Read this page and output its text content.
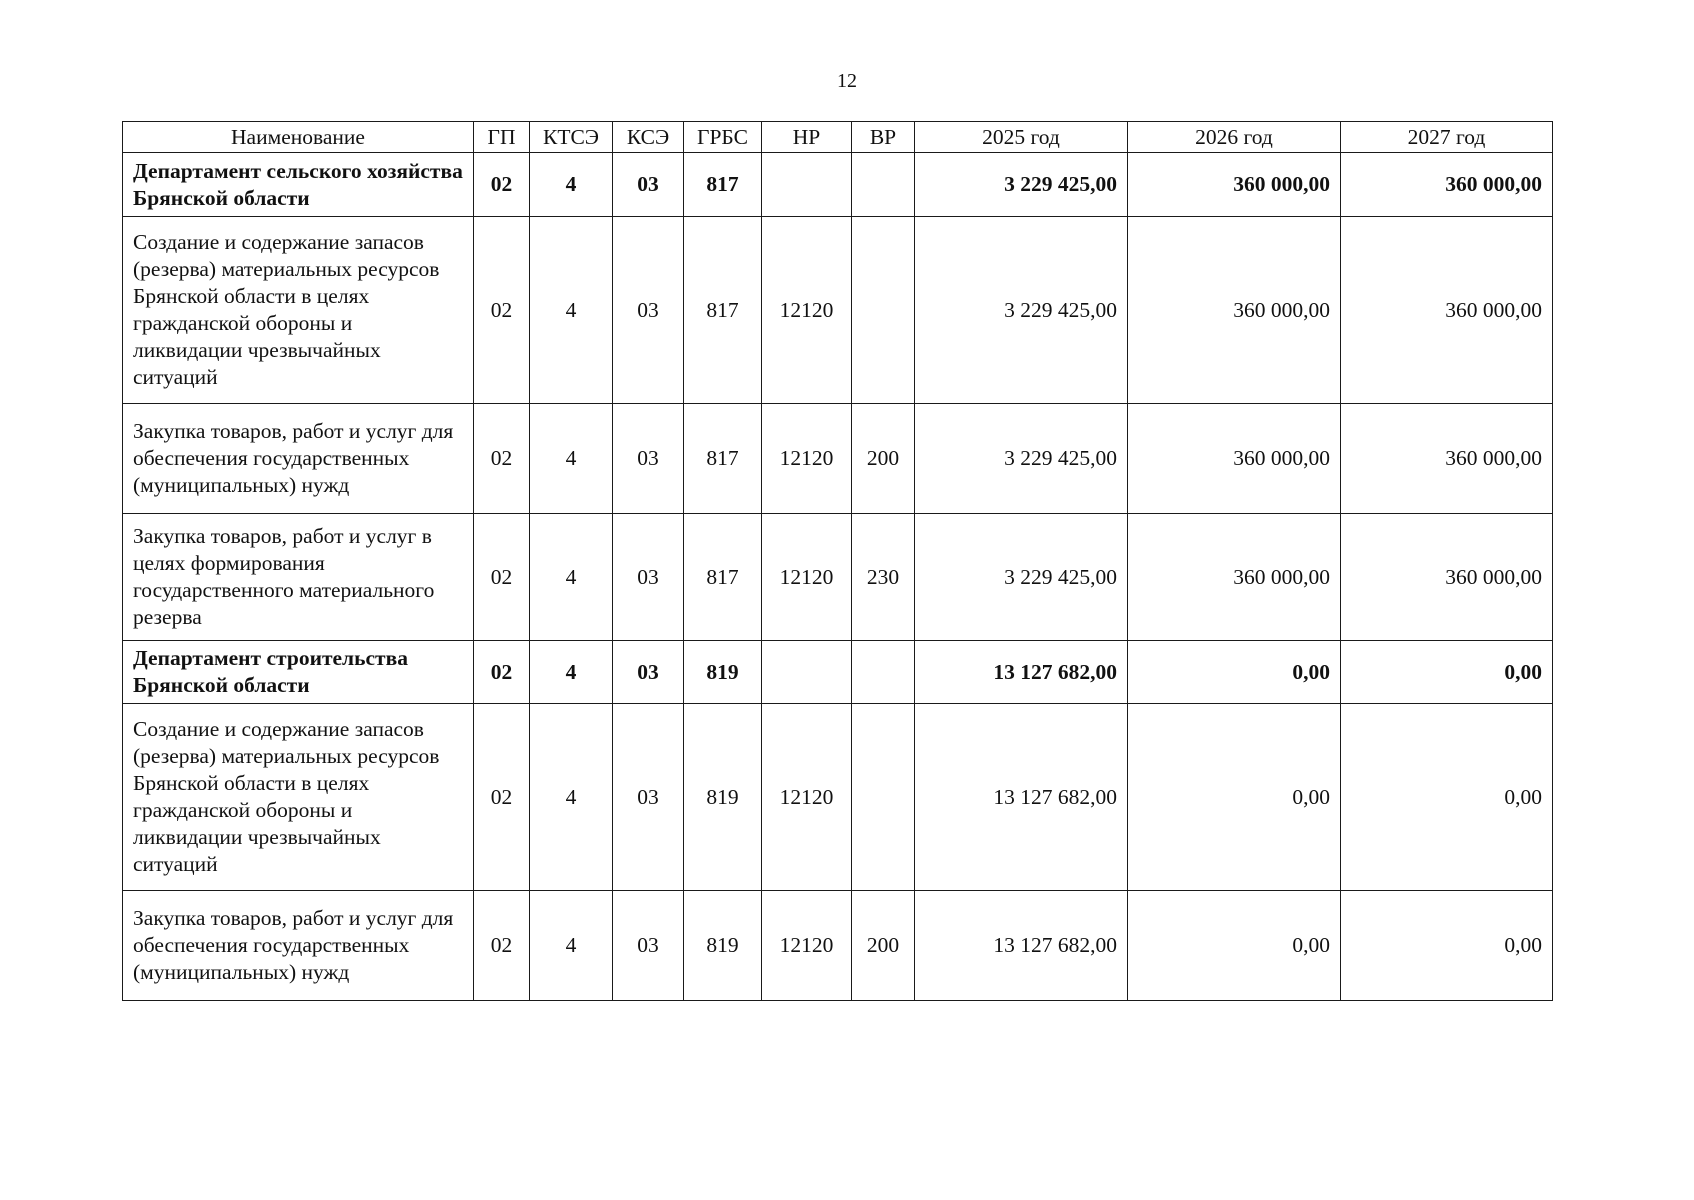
12
Наименование	ГП	КТСЭ	КСЭ	ГРБС	НР	ВР	2025 год	2026 год	2027 год
Департамент сельского хозяйства Брянской области	02	4	03	817			3 229 425,00	360 000,00	360 000,00
Создание и содержание запасов (резерва) материальных ресурсов Брянской области в целях гражданской обороны и ликвидации чрезвычайных ситуаций	02	4	03	817	12120		3 229 425,00	360 000,00	360 000,00
Закупка товаров, работ и услуг для обеспечения государственных (муниципальных) нужд	02	4	03	817	12120	200	3 229 425,00	360 000,00	360 000,00
Закупка товаров, работ и услуг в целях формирования государственного материального резерва	02	4	03	817	12120	230	3 229 425,00	360 000,00	360 000,00
Департамент строительства Брянской области	02	4	03	819			13 127 682,00	0,00	0,00
Создание и содержание запасов (резерва) материальных ресурсов Брянской области в целях гражданской обороны и ликвидации чрезвычайных ситуаций	02	4	03	819	12120		13 127 682,00	0,00	0,00
Закупка товаров, работ и услуг для обеспечения государственных (муниципальных) нужд	02	4	03	819	12120	200	13 127 682,00	0,00	0,00
